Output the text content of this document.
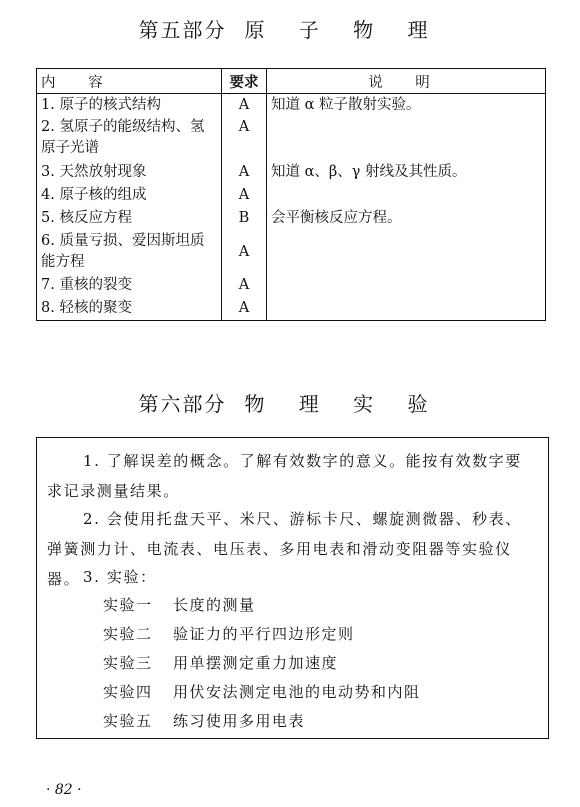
第五部分 原 子 物 理
内 容	要求	说 明
1. 原子的核式结构	A	知道 α 粒子散射实验。
2. 氢原子的能级结构、氢原子光谱	A	
3. 天然放射现象	A	知道 α、β、γ 射线及其性质。
4. 原子核的组成	A	
5. 核反应方程	B	会平衡核反应方程。
6. 质量亏损、爱因斯坦质能方程	A	
7. 重核的裂变	A	
8. 轻核的聚变	A	
第六部分 物 理 实 验
1. 了解误差的概念。了解有效数字的意义。能按有效数字要求记录测量结果。
2. 会使用托盘天平、米尺、游标卡尺、螺旋测微器、秒表、弹簧测力计、电流表、电压表、多用电表和滑动变阻器等实验仪器。 3. 实验：
实验一 长度的测量
实验二 验证力的平行四边形定则
实验三 用单摆测定重力加速度
实验四 用伏安法测定电池的电动势和内阻
实验五 练习使用多用电表
· 82 ·
